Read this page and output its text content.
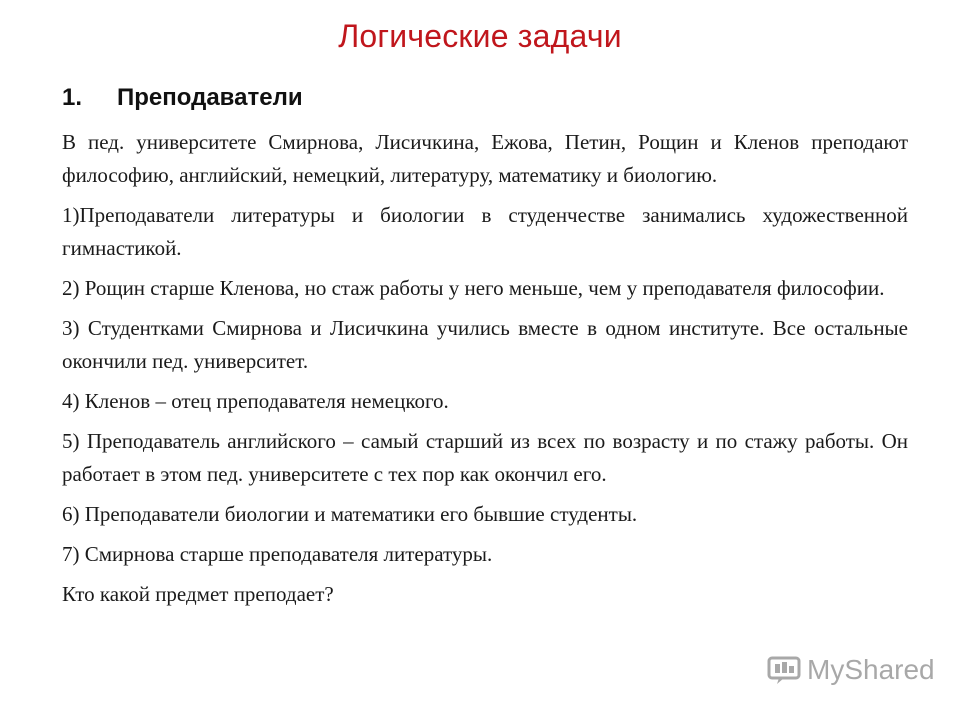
Логические задачи
1. Преподаватели

В пед. университете Смирнова, Лисичкина, Ежова, Петин, Рощин и Кленов преподают философию, английский, немецкий, литературу, математику и биологию.

1)Преподаватели литературы и биологии в студенчестве занимались художественной гимнастикой.

2) Рощин старше Кленова, но стаж работы у него меньше, чем у преподавателя философии.

3) Студентками Смирнова и Лисичкина учились вместе в одном институте. Все остальные окончили пед. университет.

4) Кленов – отец преподавателя немецкого.

5) Преподаватель английского – самый старший из всех по возрасту и по стажу работы. Он работает в этом пед. университете с тех пор как окончил его.

6) Преподаватели биологии и математики его бывшие студенты.

7) Смирнова старше преподавателя литературы.

Кто какой предмет преподает?

MyShared
